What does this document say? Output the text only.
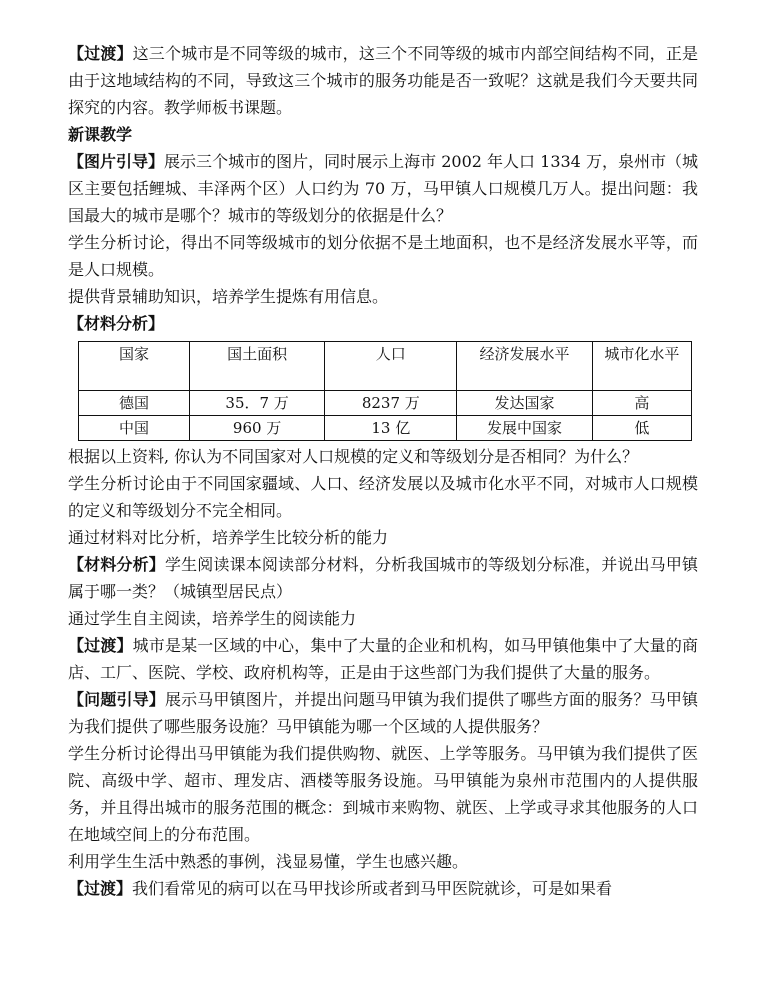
【过渡】这三个城市是不同等级的城市，这三个不同等级的城市内部空间结构不同，正是由于这地域结构的不同，导致这三个城市的服务功能是否一致呢？这就是我们今天要共同探究的内容。教学师板书课题。

新课教学

【图片引导】展示三个城市的图片，同时展示上海市 2002 年人口 1334 万，泉州市（城区主要包括鲤城、丰泽两个区）人口约为 70 万，马甲镇人口规模几万人。提出问题：我国最大的城市是哪个？城市的等级划分的依据是什么？

学生分析讨论，得出不同等级城市的划分依据不是土地面积，也不是经济发展水平等，而是人口规模。

提供背景辅助知识，培养学生提炼有用信息。

【材料分析】

国家	国土面积	人口	经济发展水平	城市化水平
德国	35．7 万	8237 万	发达国家	高
中国	960 万	13 亿	发展中国家	低

根据以上资料, 你认为不同国家对人口规模的定义和等级划分是否相同？为什么？

学生分析讨论由于不同国家疆域、人口、经济发展以及城市化水平不同，对城市人口规模的定义和等级划分不完全相同。

通过材料对比分析，培养学生比较分析的能力

【材料分析】学生阅读课本阅读部分材料，分析我国城市的等级划分标准，并说出马甲镇属于哪一类？（城镇型居民点）

通过学生自主阅读，培养学生的阅读能力

【过渡】城市是某一区域的中心，集中了大量的企业和机构，如马甲镇他集中了大量的商店、工厂、医院、学校、政府机构等，正是由于这些部门为我们提供了大量的服务。

【问题引导】展示马甲镇图片，并提出问题马甲镇为我们提供了哪些方面的服务？马甲镇为我们提供了哪些服务设施？马甲镇能为哪一个区域的人提供服务？

学生分析讨论得出马甲镇能为我们提供购物、就医、上学等服务。马甲镇为我们提供了医院、高级中学、超市、理发店、酒楼等服务设施。马甲镇能为泉州市范围内的人提供服务，并且得出城市的服务范围的概念：到城市来购物、就医、上学或寻求其他服务的人口在地域空间上的分布范围。

利用学生生活中熟悉的事例，浅显易懂，学生也感兴趣。

【过渡】我们看常见的病可以在马甲找诊所或者到马甲医院就诊，可是如果看
